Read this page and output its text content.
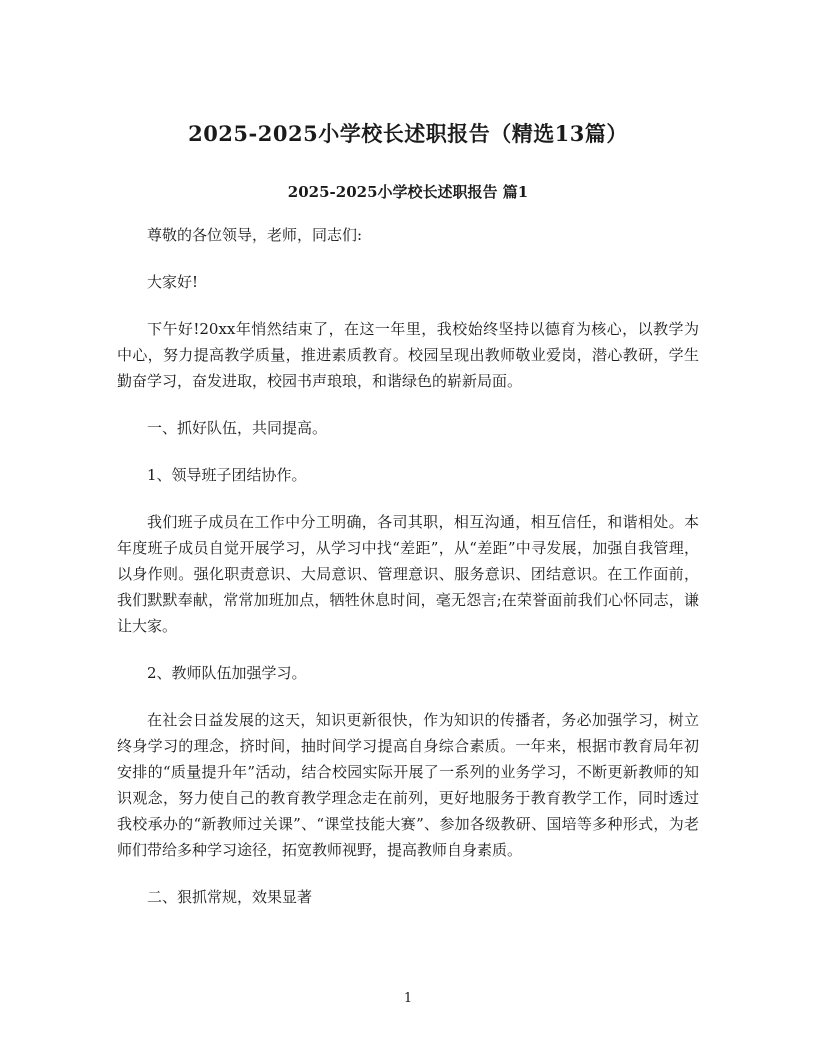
2025-2025小学校长述职报告（精选13篇）
2025-2025小学校长述职报告 篇1

尊敬的各位领导，老师，同志们:

大家好!

下午好!20xx年悄然结束了，在这一年里，我校始终坚持以德育为核心，以教学为中心，努力提高教学质量，推进素质教育。校园呈现出教师敬业爱岗，潜心教研，学生勤奋学习，奋发进取，校园书声琅琅，和谐绿色的崭新局面。

一、抓好队伍，共同提高。

1、领导班子团结协作。

我们班子成员在工作中分工明确，各司其职，相互沟通，相互信任，和谐相处。本年度班子成员自觉开展学习，从学习中找“差距”，从“差距”中寻发展，加强自我管理，以身作则。强化职责意识、大局意识、管理意识、服务意识、团结意识。在工作面前，我们默默奉献，常常加班加点，牺牲休息时间，毫无怨言;在荣誉面前我们心怀同志，谦让大家。

2、教师队伍加强学习。

在社会日益发展的这天，知识更新很快，作为知识的传播者，务必加强学习，树立终身学习的理念，挤时间，抽时间学习提高自身综合素质。一年来，根据市教育局年初安排的“质量提升年”活动，结合校园实际开展了一系列的业务学习，不断更新教师的知识观念，努力使自己的教育教学理念走在前列，更好地服务于教育教学工作，同时透过我校承办的“新教师过关课”、“课堂技能大赛”、参加各级教研、国培等多种形式，为老师们带给多种学习途径，拓宽教师视野，提高教师自身素质。

二、狠抓常规，效果显著

1
